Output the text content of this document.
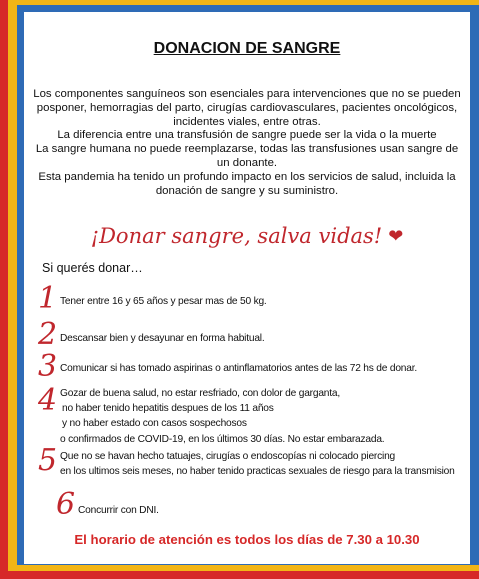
DONACION DE SANGRE

Los componentes sanguíneos son esenciales para intervenciones que no se pueden posponer, hemorragias del parto, cirugías cardiovasculares, pacientes oncológicos, incidentes viales, entre otras.

La diferencia entre una transfusión de sangre puede ser la vida o la muerte

La sangre humana no puede reemplazarse, todas las transfusiones usan sangre de un donante.

Esta pandemia ha tenido un profundo impacto en los servicios de salud, incluida la donación de sangre y su suministro.

¡Donar sangre, salva vidas! ❤
Si querés donar…
1 Tener entre 16 y 65 años y pesar mas de 50 kg.
2 Descansar bien y desayunar en forma habitual.
3 Comunicar si has tomado aspirinas o antinflamatorios antes de las 72 hs de donar.
4 Gozar de buena salud, no estar resfriado, con dolor de garganta,
no haber tenido hepatitis despues de los 11 años
y no haber estado con casos sospechosos
o confirmados de COVID-19, en los últimos 30 días. No estar embarazada.
5 Que no se havan hecho tatuajes, cirugías o endoscopías ni colocado piercing
en los ultimos seis meses, no haber tenido practicas sexuales de riesgo para la transmision
6 Concurrir con DNI.
El horario de atención es todos los días de 7.30 a 10.30
